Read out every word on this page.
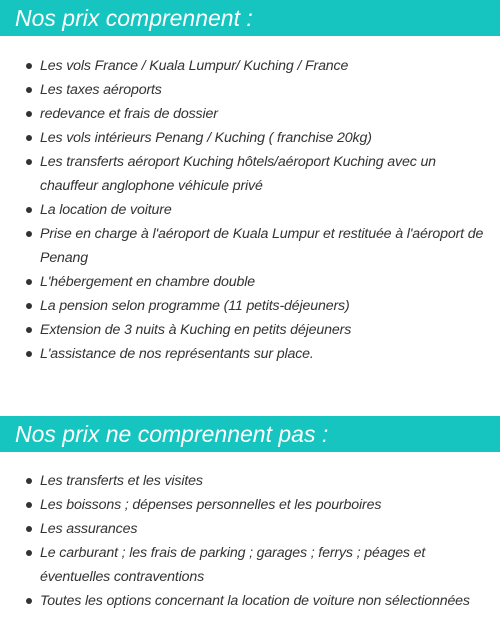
Nos prix comprennent :
Les vols France / Kuala Lumpur/ Kuching / France
Les taxes aéroports
redevance et frais de dossier
Les vols intérieurs Penang / Kuching ( franchise 20kg)
Les transferts aéroport Kuching hôtels/aéroport Kuching avec un chauffeur anglophone véhicule privé
La location de voiture
Prise en charge à l'aéroport de Kuala Lumpur et restituée à l'aéroport de Penang
L'hébergement en chambre double
La pension selon programme (11 petits-déjeuners)
Extension de 3 nuits à Kuching en petits déjeuners
L'assistance de nos représentants sur place.
Nos prix ne comprennent pas :
Les transferts et les visites
Les boissons ; dépenses personnelles et les pourboires
Les assurances
Le carburant ; les frais de parking ; garages ; ferrys ; péages et éventuelles contraventions
Toutes les options concernant la location de voiture non sélectionnées
